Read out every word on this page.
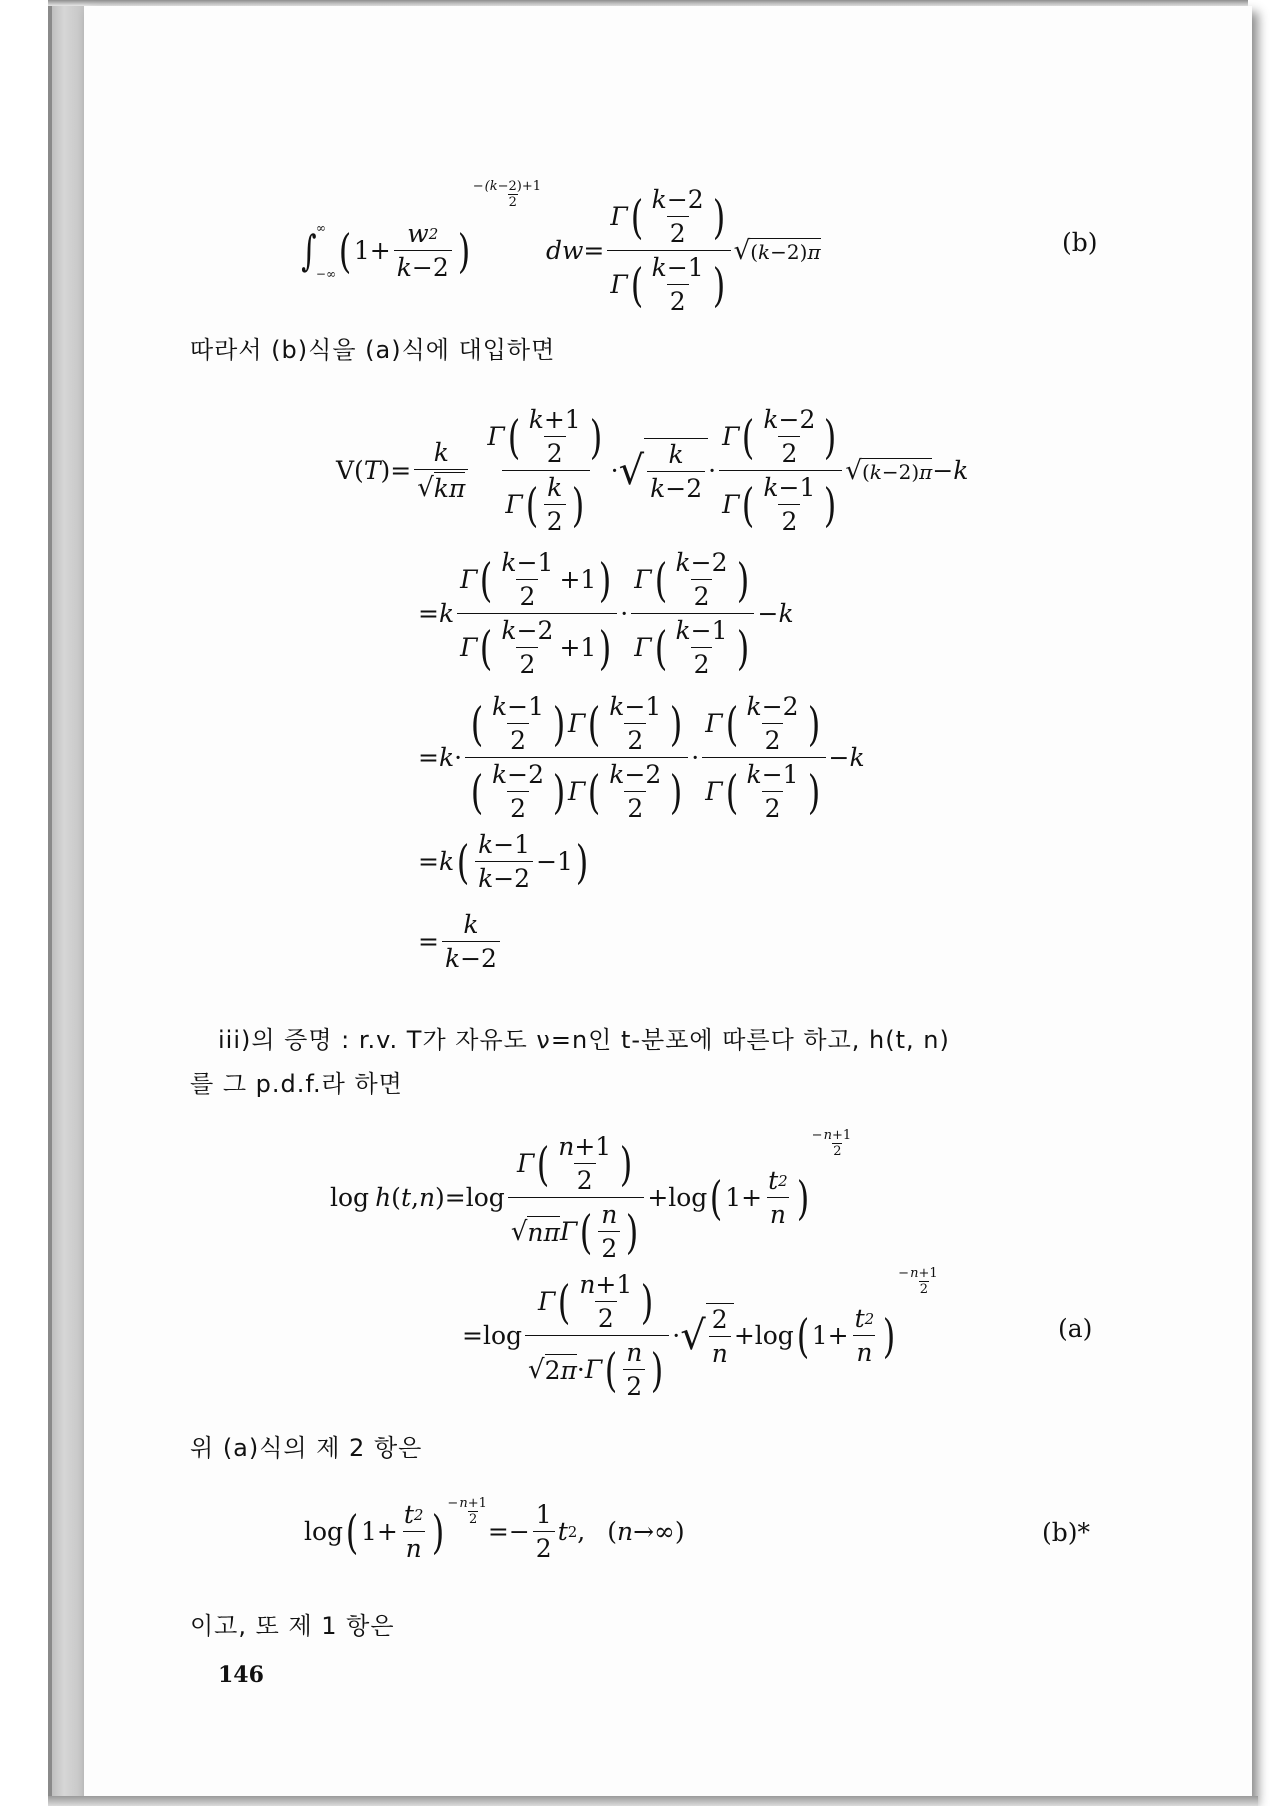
∫ ∞
−∞ ( $1+ \frac{w 2}{k -2}$ )
− $\frac{(k -2)+1}{2}$
dw = $\frac{\Gamma ( \frac{k -2}{2} )}{\Gamma ( \frac{k -1}{2} )}$ √ (k−2)π	(b)
따라서 (b)식을 (a)식에 대입하면
V( T )= $\frac{k}{√ k\pi} \frac{\Gamma ( \frac{k +1}{2} )}{\Gamma ( \frac{k}{2} )}$ · √ $\frac{k}{k -2} \cdot \frac{\Gamma ( \frac{k -2}{2} )}{\Gamma ( \frac{k -1}{2} )}$ √ (k−2)π − k
= k $\frac{\Gamma ( \frac{k -1}{2} +1 )}{\Gamma ( \frac{k -2}{2} +1 )} \cdot \frac{\Gamma ( \frac{k -2}{2} )}{\Gamma ( \frac{k -1}{2} )} - k$
= $k \cdot \frac{( \frac{k -1}{2} ) \Gamma ( \frac{k -1}{2} )}{( \frac{k -2}{2} ) \Gamma ( \frac{k -2}{2} )} \cdot \frac{\Gamma ( \frac{k -2}{2} )}{\Gamma ( \frac{k -1}{2} )} - k$
= k ( $\frac{k -1}{k -2} -1$ )
= $\frac{k}{k -2}$
iii)의 증명 : r.v. T가 자유도 ν=n인 t-분포에 따른다 하고, h(t, n)
를 그 p.d.f.라 하면
log h ( t , n )$=\log \frac{\Gamma ( \frac{n +1}{2} )}{√ n\pi \Gamma ( \frac{n}{2} )} +\log$ ( $1+ \frac{t 2}{n}$ )
− $\frac{n +1}{2}$
$=\log \frac{\Gamma ( \frac{n +1}{2} )}{√ 2\pi \cdot \Gamma ( \frac{n}{2} )}$ · √ $\frac{2}{n} +\log$ ( $1+ \frac{t 2}{n}$ )
− $\frac{n +1}{2}$
(a)
위 (a)식의 제 2 항은
log ( $1+ \frac{t 2}{n}$ )
− $\frac{n +1}{2}$
=− $\frac{1}{2}$ t 2 , ( n →∞)	(b)*
이고, 또 제 1 항은
146
